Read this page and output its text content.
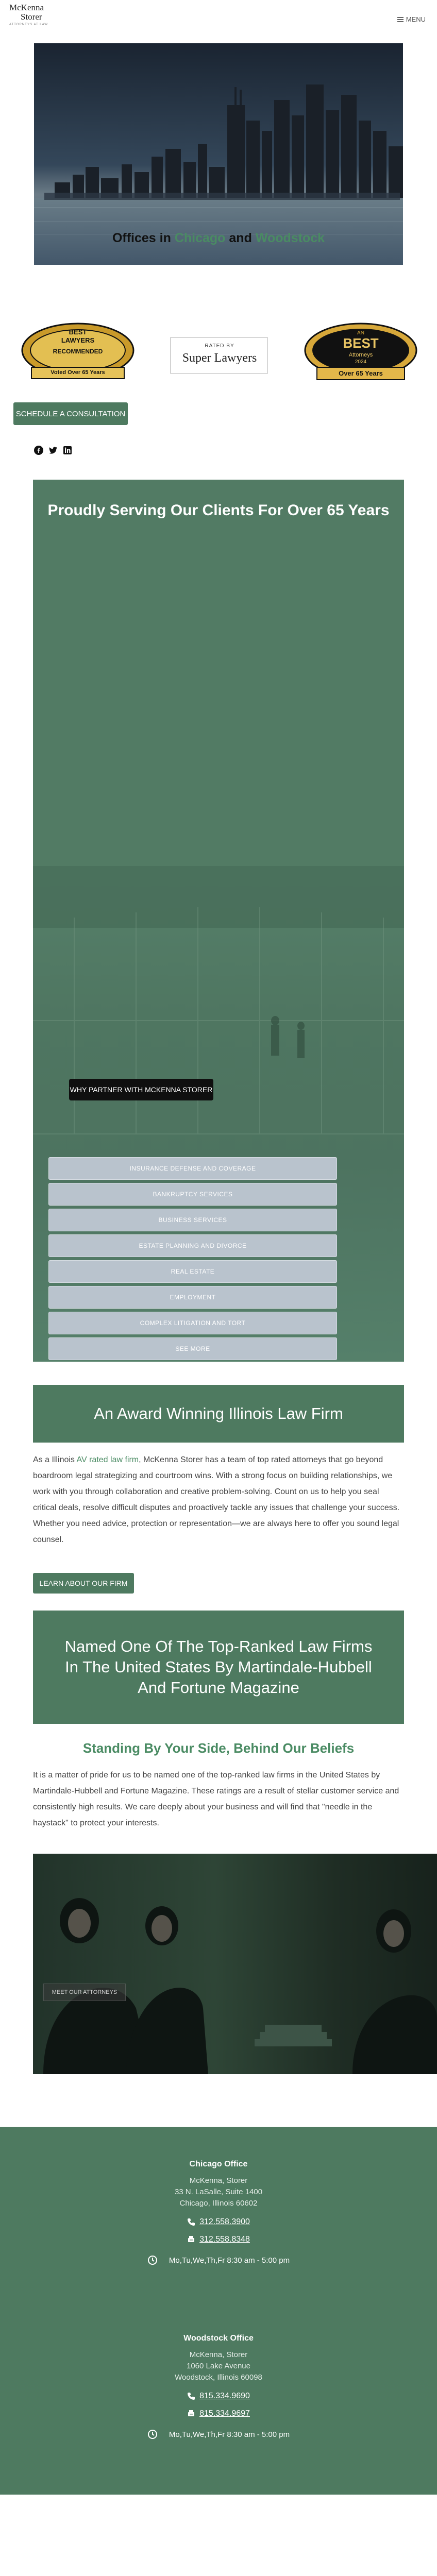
McKenna
Storer
ATTORNEYS AT LAW
MENU
Offices in Chicago and Woodstock
BEST
LAWYERS
RECOMMENDED
Voted Over 65 Years
RATED BY
Super Lawyers
AN
BEST
Attorneys
2024
Over 65 Years
SCHEDULE A CONSULTATION
Proudly Serving Our Clients For Over 65 Years
WHY PARTNER WITH MCKENNA STORER
INSURANCE DEFENSE AND COVERAGE
BANKRUPTCY SERVICES
BUSINESS SERVICES
ESTATE PLANNING AND DIVORCE
REAL ESTATE
EMPLOYMENT
COMPLEX LITIGATION AND TORT
SEE MORE
An Award Winning Illinois Law Firm
As a Illinois AV rated law firm, McKenna Storer has a team of top rated attorneys that go beyond boardroom legal strategizing and courtroom wins. With a strong focus on building relationships, we work with you through collaboration and creative problem-solving. Count on us to help you seal critical deals, resolve difficult disputes and proactively tackle any issues that challenge your success. Whether you need advice, protection or representation—we are always here to offer you sound legal counsel.
LEARN ABOUT OUR FIRM
Named One Of The Top-Ranked Law Firms In The United States By Martindale-Hubbell And Fortune Magazine
Standing By Your Side, Behind Our Beliefs
It is a matter of pride for us to be named one of the top-ranked law firms in the United States by Martindale-Hubbell and Fortune Magazine. These ratings are a result of stellar customer service and consistently high results. We care deeply about your business and will find that "needle in the haystack" to protect your interests.
MEET OUR ATTORNEYS
Chicago Office
McKenna, Storer
33 N. LaSalle, Suite 1400
Chicago, Illinois 60602
312.558.3900
312.558.8348
Mo,Tu,We,Th,Fr 8:30 am - 5:00 pm
Woodstock Office
McKenna, Storer
1060 Lake Avenue
Woodstock, Illinois 60098
815.334.9690
815.334.9697
Mo,Tu,We,Th,Fr 8:30 am - 5:00 pm
